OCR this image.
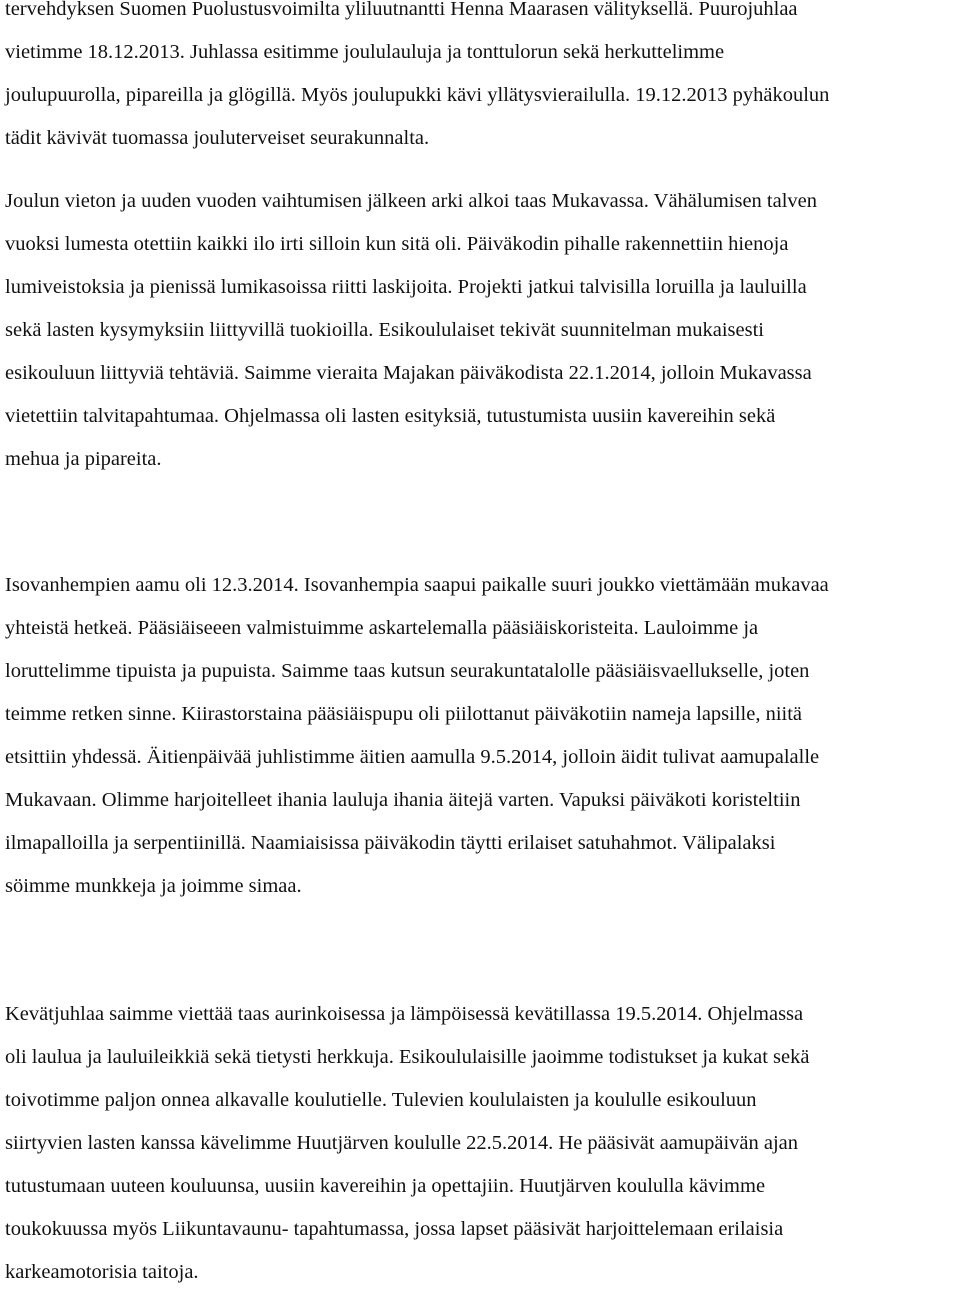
tervehdyksen Suomen Puolustusvoimilta yliluutnantti Henna Maarasen välityksellä. Puurojuhlaa
vietimme 18.12.2013. Juhlassa esitimme joululauluja ja tonttulorun sekä herkuttelimme
joulupuurolla, pipareilla ja glögillä. Myös joulupukki kävi yllätysvierailulla. 19.12.2013 pyhäkoulun
tädit kävivät tuomassa jouluterveiset seurakunnalta.
Joulun vieton ja uuden vuoden vaihtumisen jälkeen arki alkoi taas Mukavassa. Vähälumisen talven
vuoksi lumesta otettiin kaikki ilo irti silloin kun sitä oli. Päiväkodin pihalle rakennettiin hienoja
lumiveistoksia ja pienissä lumikasoissa riitti laskijoita. Projekti jatkui talvisilla loruilla ja lauluilla
sekä lasten kysymyksiin liittyvillä tuokioilla. Esikoululaiset tekivät suunnitelman mukaisesti
esikouluun liittyviä tehtäviä. Saimme vieraita Majakan päiväkodista 22.1.2014, jolloin Mukavassa
vietettiin talvitapahtumaa. Ohjelmassa oli lasten esityksiä, tutustumista uusiin kavereihin sekä
mehua ja pipareita.
Isovanhempien aamu oli 12.3.2014. Isovanhempia saapui paikalle suuri joukko viettämään mukavaa
yhteistä hetkeä. Pääsiäiseeen valmistuimme askartelemalla pääsiäiskoristeita. Lauloimme ja
loruttelimme tipuista ja pupuista. Saimme taas kutsun seurakuntatalolle pääsiäisvaellukselle, joten
teimme retken sinne. Kiirastorstaina pääsiäispupu oli piilottanut päiväkotiin nameja lapsille, niitä
etsittiin yhdessä. Äitienpäivää juhlistimme äitien aamulla 9.5.2014, jolloin äidit tulivat aamupalalle
Mukavaan. Olimme harjoitelleet ihania lauluja ihania äitejä varten. Vapuksi päiväkoti koristeltiin
ilmapalloilla ja serpentiinillä. Naamiaisissa päiväkodin täytti erilaiset satuhahmot. Välipalaksi
söimme munkkeja ja joimme simaa.
Kevätjuhlaa saimme viettää taas aurinkoisessa ja lämpöisessä kevätillassa 19.5.2014. Ohjelmassa
oli laulua ja lauluileikkiä sekä tietysti herkkuja. Esikoululaisille jaoimme todistukset ja kukat sekä
toivotimme paljon onnea alkavalle koulutielle. Tulevien koululaisten ja koululle esikouluun
siirtyvien lasten kanssa kävelimme Huutjärven koululle 22.5.2014. He pääsivät aamupäivän ajan
tutustumaan uuteen kouluunsa, uusiin kavereihin ja opettajiin. Huutjärven koululla kävimme
toukokuussa myös Liikuntavaunu- tapahtumassa, jossa lapset pääsivät harjoittelemaan erilaisia
karkeamotorisia taitoja.
